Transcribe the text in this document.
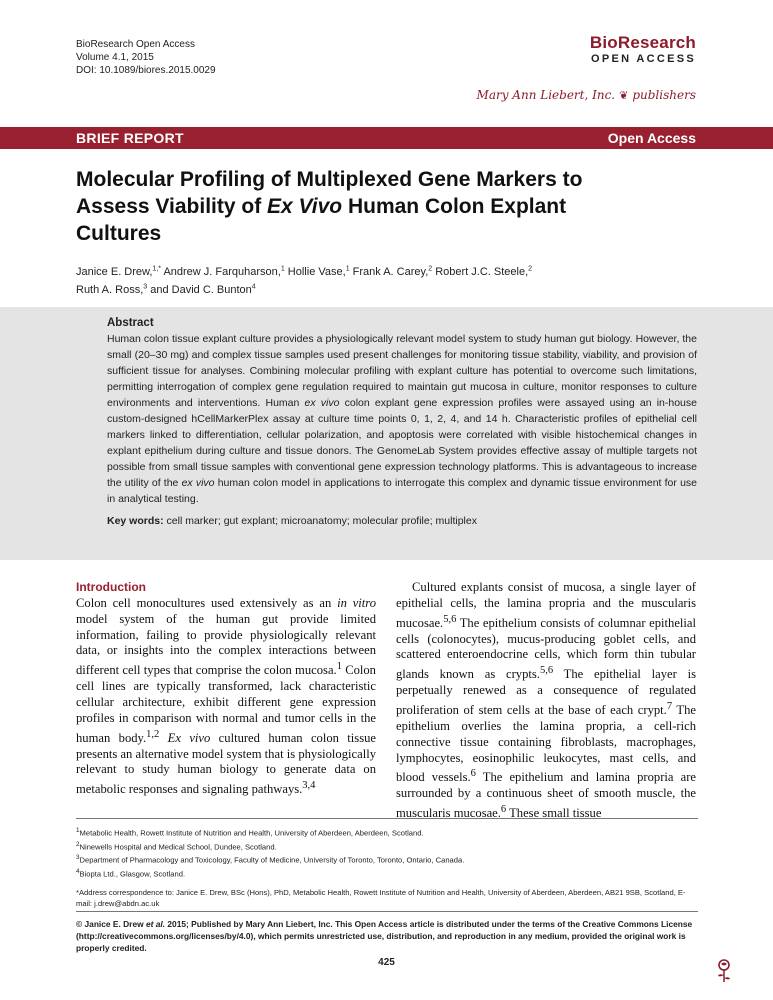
BioResearch Open Access
Volume 4.1, 2015
DOI: 10.1089/biores.2015.0029
BioResearch
OPEN ACCESS
Mary Ann Liebert, Inc. ❦ publishers
BRIEF REPORT	Open Access
Molecular Profiling of Multiplexed Gene Markers to Assess Viability of Ex Vivo Human Colon Explant Cultures
Janice E. Drew,$^{1,*}$ Andrew J. Farquharson,$^1$ Hollie Vase,$^1$ Frank A. Carey,$^2$ Robert J.C. Steele,$^2$
Ruth A. Ross,$^3$ and David C. Bunton$^4$
Abstract

Human colon tissue explant culture provides a physiologically relevant model system to study human gut biology. However, the small (20–30 mg) and complex tissue samples used present challenges for monitoring tissue stability, viability, and provision of sufficient tissue for analyses. Combining molecular profiling with explant culture has potential to overcome such limitations, permitting interrogation of complex gene regulation required to maintain gut mucosa in culture, monitor responses to culture environments and interventions. Human ex vivo colon explant gene expression profiles were assayed using an in-house custom-designed hCellMarkerPlex assay at culture time points 0, 1, 2, 4, and 14 h. Characteristic profiles of epithelial cell markers linked to differentiation, cellular polarization, and apoptosis were correlated with visible histochemical changes in explant epithelium during culture and tissue donors. The GenomeLab System provides effective assay of multiple targets not possible from small tissue samples with conventional gene expression technology platforms. This is advantageous to increase the utility of the ex vivo human colon model in applications to interrogate this complex and dynamic tissue environment for use in analytical testing.

Key words: cell marker; gut explant; microanatomy; molecular profile; multiplex

Introduction

Colon cell monocultures used extensively as an in vitro model system of the human gut provide limited information, failing to provide physiologically relevant data, or insights into the complex interactions between different cell types that comprise the colon mucosa.$^1$ Colon cell lines are typically transformed, lack characteristic cellular architecture, exhibit different gene expression profiles in comparison with normal and tumor cells in the human body.$^{1,2}$ Ex vivo cultured human colon tissue presents an alternative model system that is physiologically relevant to study human biology to generate data on metabolic responses and signaling pathways.$^{3,4}$

Cultured explants consist of mucosa, a single layer of epithelial cells, the lamina propria and the muscularis mucosae.$^{5,6}$ The epithelium consists of columnar epithelial cells (colonocytes), mucus-producing goblet cells, and scattered enteroendocrine cells, which form thin tubular glands known as crypts.$^{5,6}$ The epithelial layer is perpetually renewed as a consequence of regulated proliferation of stem cells at the base of each crypt.$^7$ The epithelium overlies the lamina propria, a cell-rich connective tissue containing fibroblasts, macrophages, lymphocytes, eosinophilic leukocytes, mast cells, and blood vessels.$^6$ The epithelium and lamina propria are surrounded by a continuous sheet of smooth muscle, the muscularis mucosae.$^6$ These small tissue

$^1$Metabolic Health, Rowett Institute of Nutrition and Health, University of Aberdeen, Aberdeen, Scotland.
$^2$Ninewells Hospital and Medical School, Dundee, Scotland.
$^3$Department of Pharmacology and Toxicology, Faculty of Medicine, University of Toronto, Toronto, Ontario, Canada.
$^4$Biopta Ltd., Glasgow, Scotland.
*Address correspondence to: Janice E. Drew, BSc (Hons), PhD, Metabolic Health, Rowett Institute of Nutrition and Health, University of Aberdeen, Aberdeen, AB21 9SB, Scotland, E-mail: j.drew@abdn.ac.uk
© Janice E. Drew et al. 2015; Published by Mary Ann Liebert, Inc. This Open Access article is distributed under the terms of the Creative Commons License (http://creativecommons.org/licenses/by/4.0), which permits unrestricted use, distribution, and reproduction in any medium, provided the original work is properly credited.
425
